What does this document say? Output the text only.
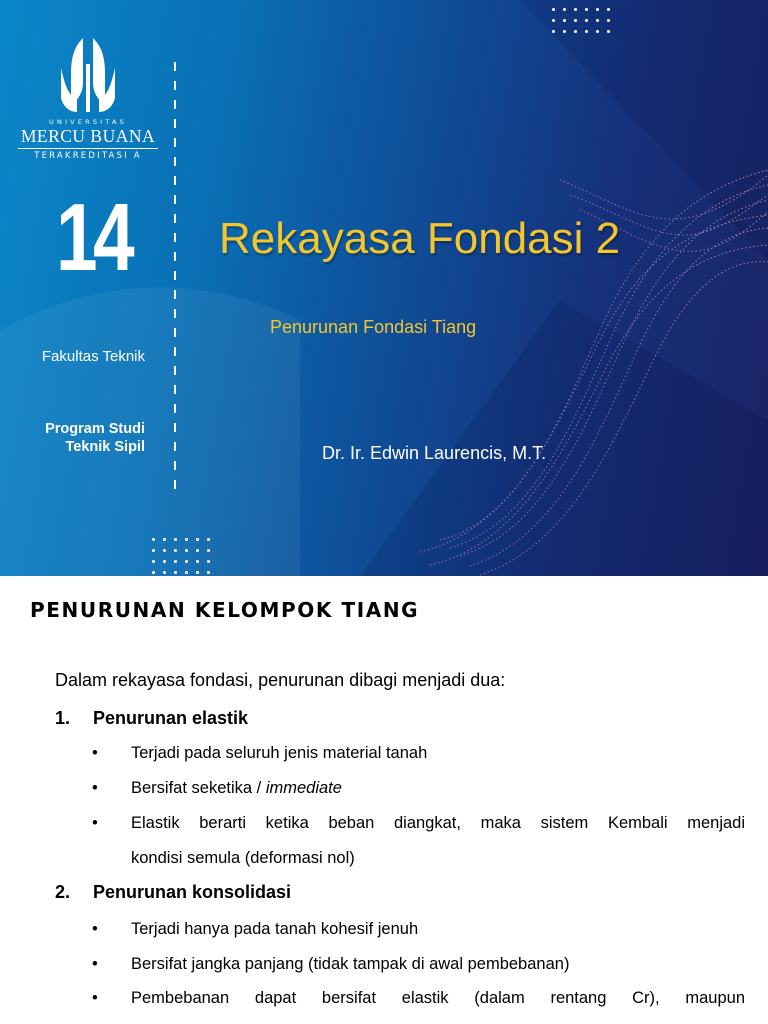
UNIVERSITAS
MERCU BUANA
TERAKREDITASI A
14
Fakultas Teknik
Program Studi
Teknik Sipil
Rekayasa Fondasi 2
Penurunan Fondasi Tiang
Dr. Ir. Edwin Laurencis, M.T.
PENURUNAN KELOMPOK TIANG
Dalam rekayasa fondasi, penurunan dibagi menjadi dua:
1. Penurunan elastik
• Terjadi pada seluruh jenis material tanah
• Bersifat seketika / immediate
• Elastik berarti ketika beban diangkat, maka sistem Kembali menjadi
kondisi semula (deformasi nol)
2. Penurunan konsolidasi
• Terjadi hanya pada tanah kohesif jenuh
• Bersifat jangka panjang (tidak tampak di awal pembebanan)
• Pembebanan dapat bersifat elastik (dalam rentang Cr), maupun
